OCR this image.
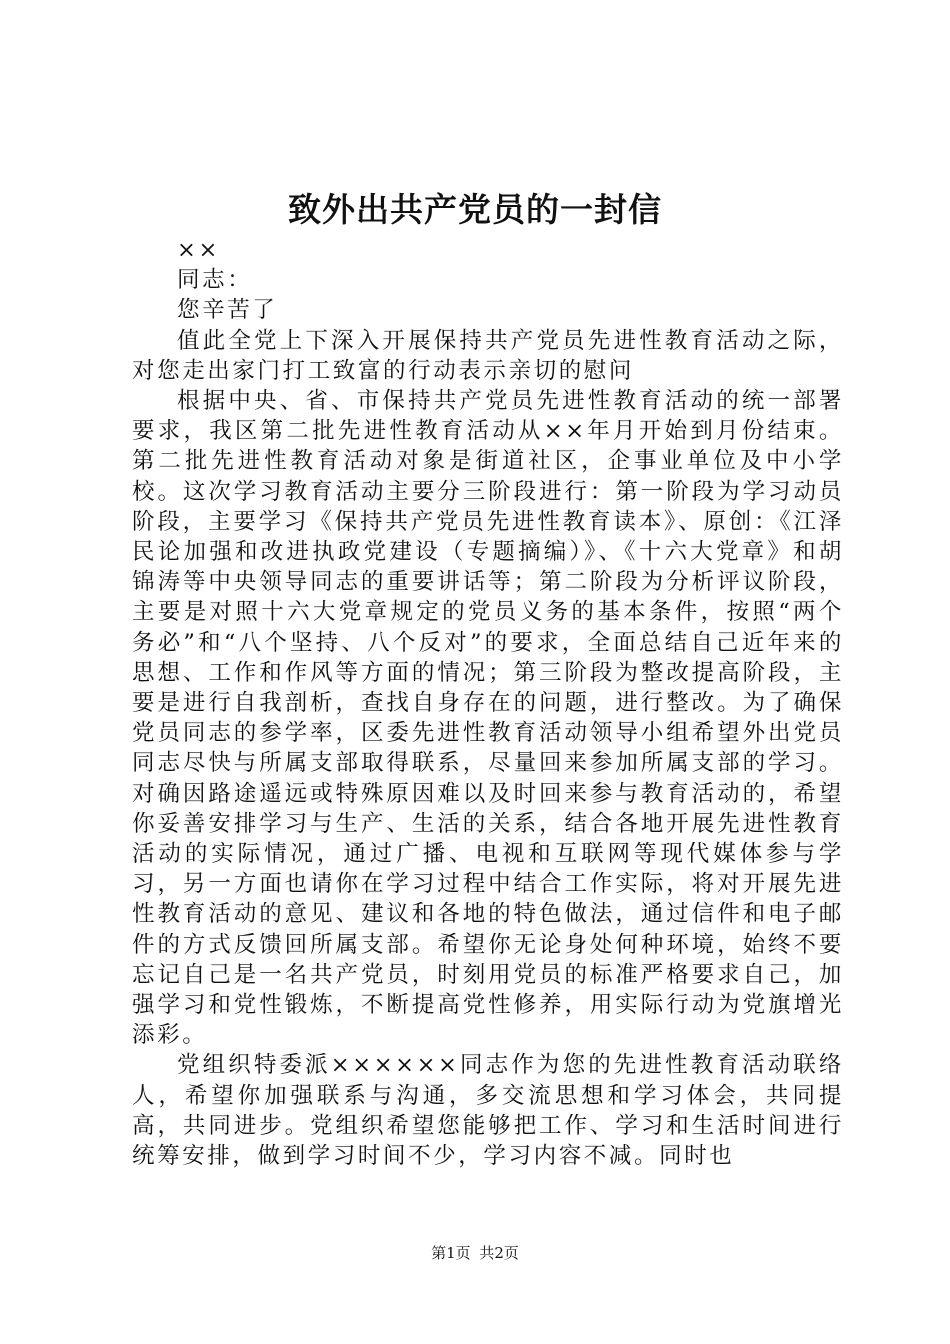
致外出共产党员的一封信

××

同志：

您辛苦了

值此全党上下深入开展保持共产党员先进性教育活动之际，对您走出家门打工致富的行动表示亲切的慰问

根据中央、省、市保持共产党员先进性教育活动的统一部署要求，我区第二批先进性教育活动从××年月开始到月份结束。第二批先进性教育活动对象是街道社区，企事业单位及中小学校。这次学习教育活动主要分三阶段进行：第一阶段为学习动员阶段，主要学习《保持共产党员先进性教育读本》、原创：《江泽民论加强和改进执政党建设（专题摘编）》、《十六大党章》和胡锦涛等中央领导同志的重要讲话等；第二阶段为分析评议阶段，主要是对照十六大党章规定的党员义务的基本条件，按照“两个务必”和“八个坚持、八个反对”的要求，全面总结自己近年来的思想、工作和作风等方面的情况；第三阶段为整改提高阶段，主要是进行自我剖析，查找自身存在的问题，进行整改。为了确保党员同志的参学率，区委先进性教育活动领导小组希望外出党员同志尽快与所属支部取得联系，尽量回来参加所属支部的学习。对确因路途遥远或特殊原因难以及时回来参与教育活动的，希望你妥善安排学习与生产、生活的关系，结合各地开展先进性教育活动的实际情况，通过广播、电视和互联网等现代媒体参与学习，另一方面也请你在学习过程中结合工作实际，将对开展先进性教育活动的意见、建议和各地的特色做法，通过信件和电子邮件的方式反馈回所属支部。希望你无论身处何种环境，始终不要忘记自己是一名共产党员，时刻用党员的标准严格要求自己，加强学习和党性锻炼，不断提高党性修养，用实际行动为党旗增光添彩。

党组织特委派××××××同志作为您的先进性教育活动联络人，希望你加强联系与沟通，多交流思想和学习体会，共同提高，共同进步。党组织希望您能够把工作、学习和生活时间进行统筹安排，做到学习时间不少，学习内容不减。同时也

第1页 共2页
